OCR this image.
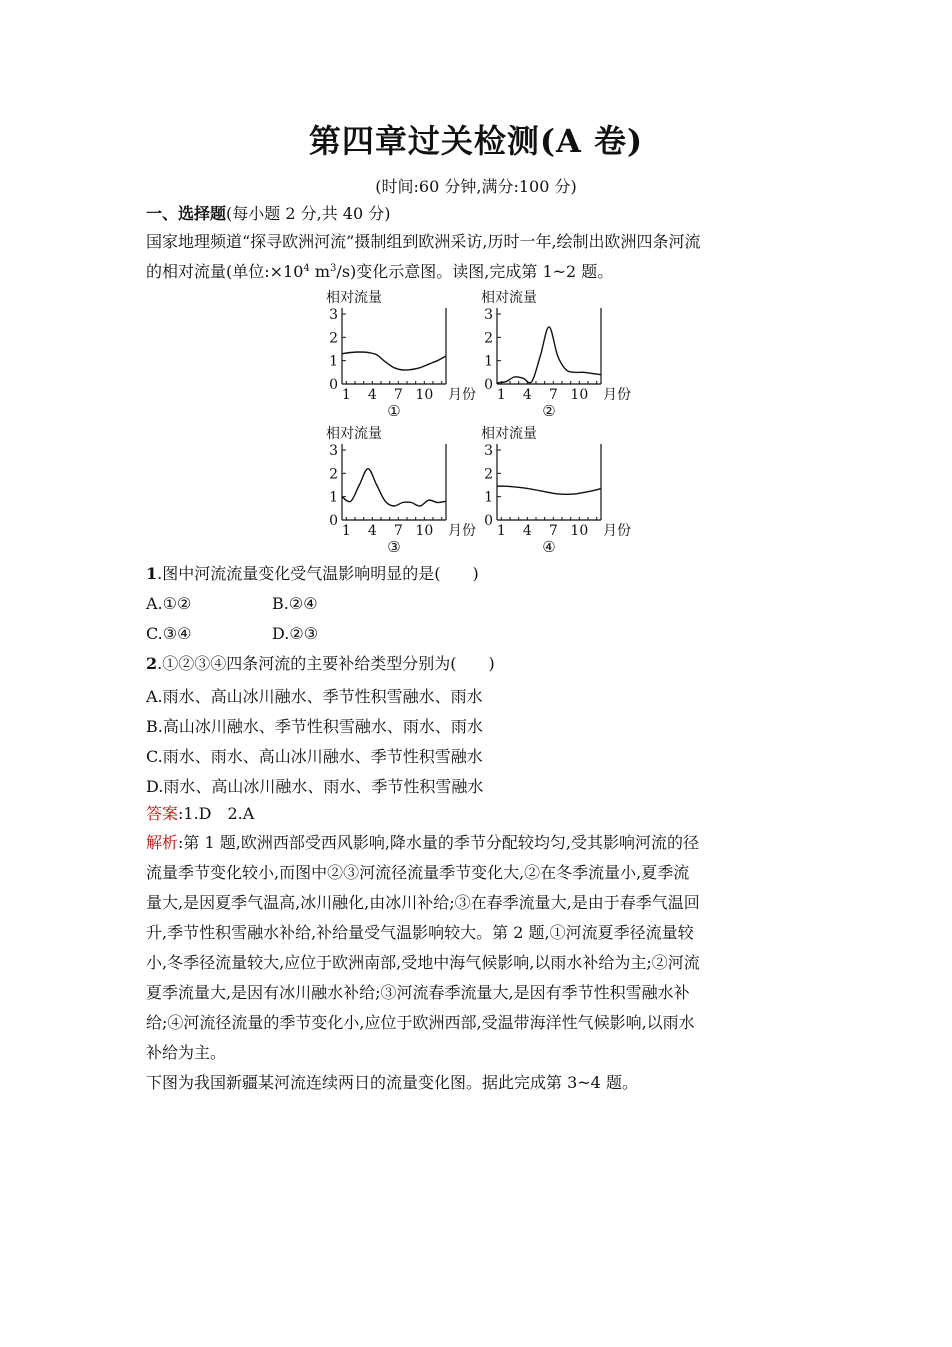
第四章过关检测(A 卷)
(时间:60 分钟,满分:100 分)
一、选择题(每小题 2 分,共 40 分)
国家地理频道“探寻欧洲河流”摄制组到欧洲采访,历时一年,绘制出欧洲四条河流
的相对流量(单位$:\times 10^4$ $m^3/s$)变化示意图。读图,完成第 1~2 题。
相对流量
0
1
2
3
1 4 7 10 月份
①
相对流量
0
1
2
3
1 4 7 10 月份
②
相对流量
0
1
2
3
1 4 7 10 月份
③
相对流量
0
1
2
3
1 4 7 10 月份
④
1.图中河流流量变化受气温影响明显的是(　　)
A.①②	B.②④
C.③④	D.②③
2.①②③④四条河流的主要补给类型分别为(　　)
A.雨水、高山冰川融水、季节性积雪融水、雨水
B.高山冰川融水、季节性积雪融水、雨水、雨水
C.雨水、雨水、高山冰川融水、季节性积雪融水
D.雨水、高山冰川融水、雨水、季节性积雪融水
答案:1.D　2.A
解析:第 1 题,欧洲西部受西风影响,降水量的季节分配较均匀,受其影响河流的径
流量季节变化较小,而图中②③河流径流量季节变化大,②在冬季流量小,夏季流
量大,是因夏季气温高,冰川融化,由冰川补给;③在春季流量大,是由于春季气温回
升,季节性积雪融水补给,补给量受气温影响较大。第 2 题,①河流夏季径流量较
小,冬季径流量较大,应位于欧洲南部,受地中海气候影响,以雨水补给为主;②河流
夏季流量大,是因有冰川融水补给;③河流春季流量大,是因有季节性积雪融水补
给;④河流径流量的季节变化小,应位于欧洲西部,受温带海洋性气候影响,以雨水
补给为主。
下图为我国新疆某河流连续两日的流量变化图。据此完成第 3~4 题。
